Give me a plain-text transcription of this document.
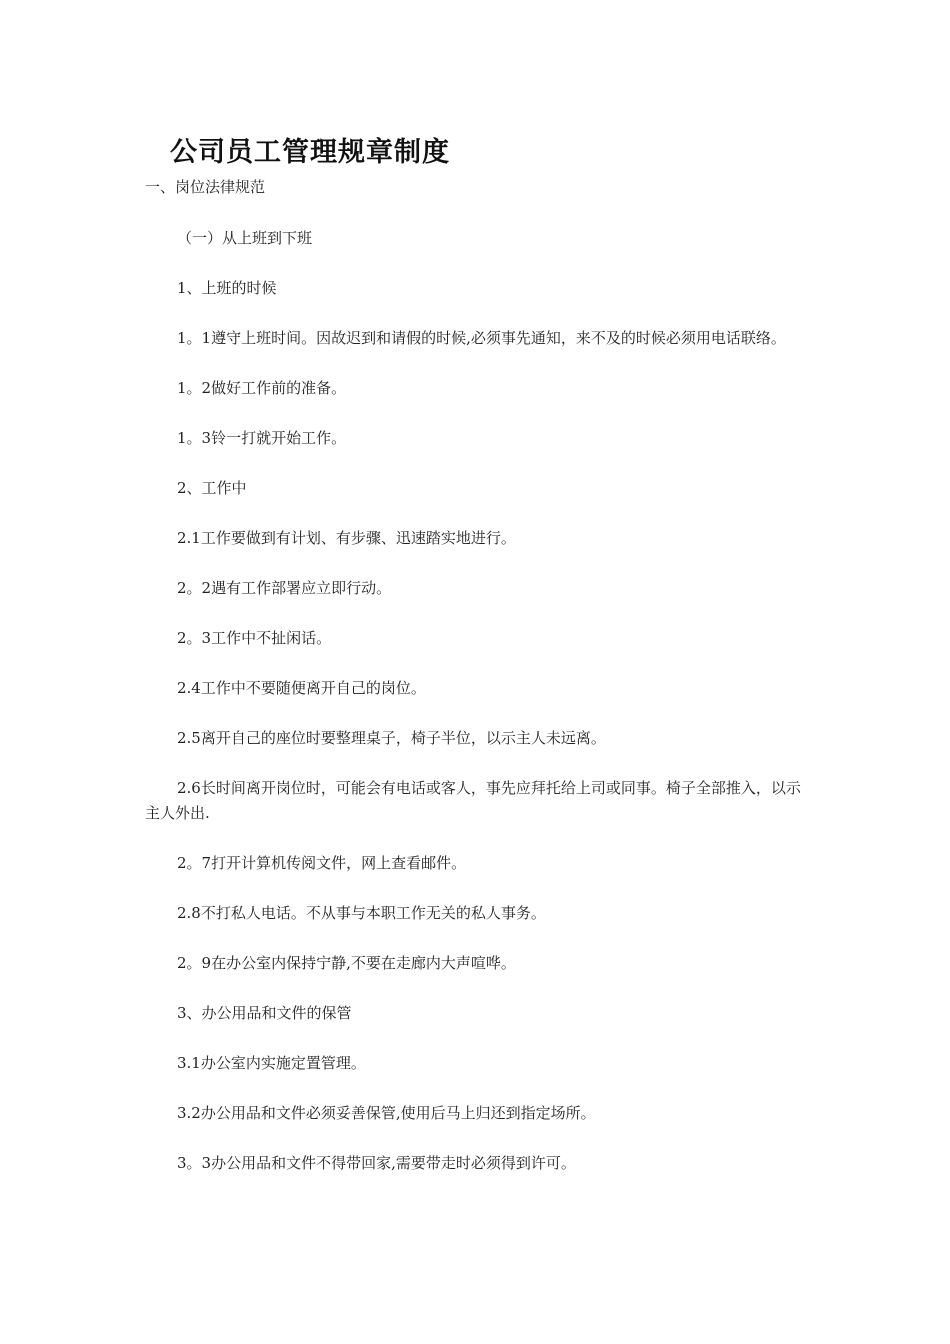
公司员工管理规章制度
一、岗位法律规范

（一）从上班到下班

1、上班的时候

1。1遵守上班时间。因故迟到和请假的时候,必须事先通知，来不及的时候必须用电话联络。

1。2做好工作前的准备。

1。3铃一打就开始工作。

2、工作中

2.1工作要做到有计划、有步骤、迅速踏实地进行。

2。2遇有工作部署应立即行动。

2。3工作中不扯闲话。

2.4工作中不要随便离开自己的岗位。

2.5离开自己的座位时要整理桌子，椅子半位，以示主人未远离。

2.6长时间离开岗位时，可能会有电话或客人，事先应拜托给上司或同事。椅子全部推入，以示主人外出.

2。7打开计算机传阅文件，网上查看邮件。

2.8不打私人电话。不从事与本职工作无关的私人事务。

2。9在办公室内保持宁静,不要在走廊内大声喧哗。

3、办公用品和文件的保管

3.1办公室内实施定置管理。

3.2办公用品和文件必须妥善保管,使用后马上归还到指定场所。

3。3办公用品和文件不得带回家,需要带走时必须得到许可。
